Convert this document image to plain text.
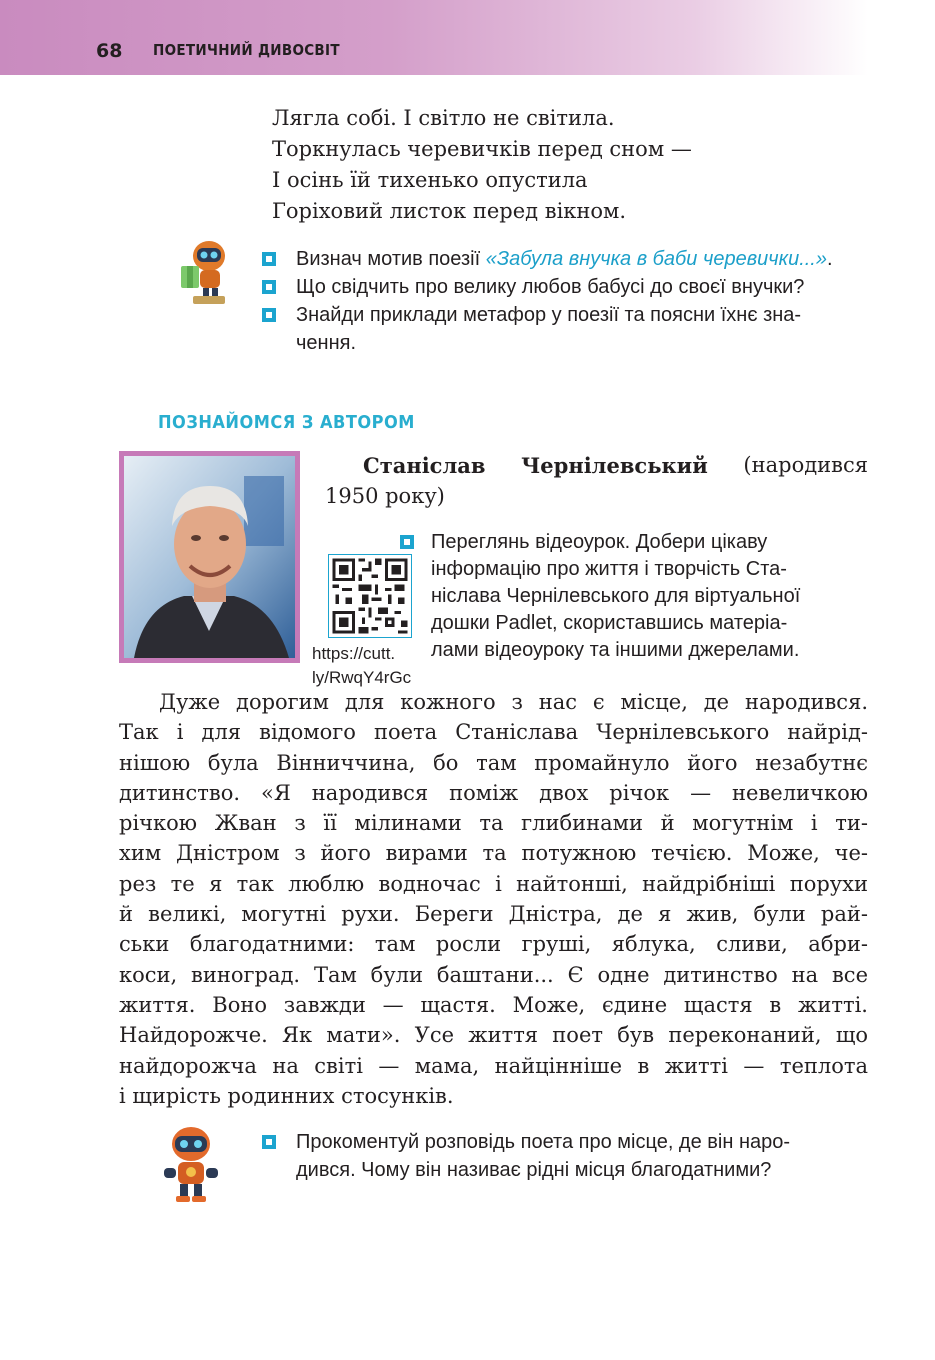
68 ПОЕТИЧНИЙ ДИВОСВІТ
Лягла собі. І світло не світила.
Торкнулась черевичків перед сном —
І осінь їй тихенько опустила
Горіховий листок перед вікном.
Визнач мотив поезії «Забула внучка в баби черевички...».
Що свідчить про велику любов бабусі до своєї внучки?
Знайди приклади метафор у поезії та поясни їхнє зна-
чення.
ПОЗНАЙОМСЯ З АВТОРОМ
Станіслав Чернілевський (народився
1950 року)
https://cutt.
ly/RwqY4rGc
Переглянь відеоурок. Добери цікаву
інформацію про життя і творчість Ста-
ніслава Чернілевського для віртуальної
дошки Padlet, скориставшись матеріа-
лами відеоуроку та іншими джерелами.
Дуже дорогим для кожного з нас є місце, де народився.
Так і для відомого поета Станіслава Чернілевського найрід-
нішою була Вінниччина, бо там промайнуло його незабутнє
дитинство. «Я народився поміж двох річок — невеличкою
річкою Жван з її мілинами та глибинами й могутнім і ти-
хим Дністром з його вирами та потужною течією. Може, че-
рез те я так люблю водночас і найтонші, найдрібніші порухи
й великі, могутні рухи. Береги Дністра, де я жив, були рай-
ськи благодатними: там росли груші, яблука, сливи, абри-
коси, виноград. Там були баштани... Є одне дитинство на все
життя. Воно завжди — щастя. Може, єдине щастя в житті.
Найдорожче. Як мати». Усе життя поет був переконаний, що
найдорожча на світі — мама, найцінніше в житті — теплота
і щирість родинних стосунків.
Прокоментуй розповідь поета про місце, де він наро-
дився. Чому він називає рідні місця благодатними?
